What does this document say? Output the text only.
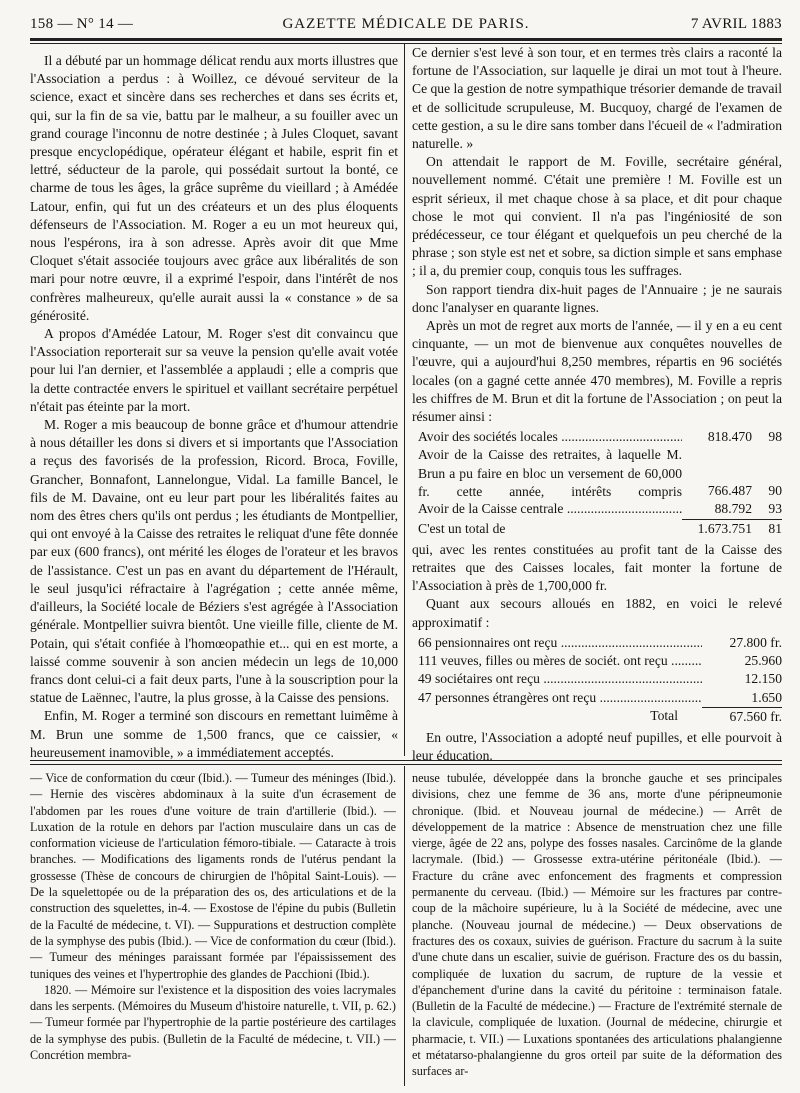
158 — N° 14 —	GAZETTE MÉDICALE DE PARIS.	7 AVRIL 1883

Il a débuté par un hommage délicat rendu aux morts illustres que l'Association a perdus : à Woillez, ce dévoué serviteur de la science, exact et sincère dans ses recherches et dans ses écrits et, qui, sur la fin de sa vie, battu par le malheur, a su fouiller avec un grand courage l'inconnu de notre destinée ; à Jules Cloquet, savant presque encyclopédique, opérateur élégant et habile, esprit fin et lettré, séducteur de la parole, qui possédait surtout la bonté, ce charme de tous les âges, la grâce suprême du vieillard ; à Amédée Latour, enfin, qui fut un des créateurs et un des plus éloquents défenseurs de l'Association. M. Roger a eu un mot heureux qui, nous l'espérons, ira à son adresse. Après avoir dit que Mme Cloquet s'était associée toujours avec grâce aux libéralités de son mari pour notre œuvre, il a exprimé l'espoir, dans l'intérêt de nos confrères malheureux, qu'elle aurait aussi la « constance » de sa générosité.

A propos d'Amédée Latour, M. Roger s'est dit convaincu que l'Association reporterait sur sa veuve la pension qu'elle avait votée pour lui l'an dernier, et l'assemblée a applaudi ; elle a compris que la dette contractée envers le spirituel et vaillant secrétaire perpétuel n'était pas éteinte par la mort.

M. Roger a mis beaucoup de bonne grâce et d'humour attendrie à nous détailler les dons si divers et si importants que l'Association a reçus des favorisés de la profession, Ricord. Broca, Foville, Grancher, Bonnafont, Lannelongue, Vidal. La famille Bancel, le fils de M. Davaine, ont eu leur part pour les libéralités faites au nom des êtres chers qu'ils ont perdus ; les étudiants de Montpellier, qui ont envoyé à la Caisse des retraites le reliquat d'une fête donnée par eux (600 francs), ont mérité les éloges de l'orateur et les bravos de l'assistance. C'est un pas en avant du département de l'Hérault, le seul jusqu'ici réfractaire à l'agrégation ; cette année même, d'ailleurs, la Société locale de Béziers s'est agrégée à l'Association générale. Montpellier suivra bientôt. Une vieille fille, cliente de M. Potain, qui s'était confiée à l'homœopathie et... qui en est morte, a laissé comme souvenir à son ancien médecin un legs de 10,000 francs dont celui-ci a fait deux parts, l'une à la souscription pour la statue de Laënnec, l'autre, la plus grosse, à la Caisse des pensions.

Enfin, M. Roger a terminé son discours en remettant luimême à M. Brun une somme de 1,500 francs, que ce caissier, « heureusement inamovible, » a immédiatement acceptés.

Ce dernier s'est levé à son tour, et en termes très clairs a raconté la fortune de l'Association, sur laquelle je dirai un mot tout à l'heure. Ce que la gestion de notre sympathique trésorier demande de travail et de sollicitude scrupuleuse, M. Bucquoy, chargé de l'examen de cette gestion, a su le dire sans tomber dans l'écueil de « l'admiration naturelle. »

On attendait le rapport de M. Foville, secrétaire général, nouvellement nommé. C'était une première ! M. Foville est un esprit sérieux, il met chaque chose à sa place, et dit pour chaque chose le mot qui convient. Il n'a pas l'ingéniosité de son prédécesseur, ce tour élégant et quelquefois un peu cherché de la phrase ; son style est net et sobre, sa diction simple et sans emphase ; il a, du premier coup, conquis tous les suffrages.

Son rapport tiendra dix-huit pages de l'Annuaire ; je ne saurais donc l'analyser en quarante lignes.

Après un mot de regret aux morts de l'année, — il y en a eu cent cinquante, — un mot de bienvenue aux conquêtes nouvelles de l'œuvre, qui a aujourd'hui 8,250 membres, répartis en 96 sociétés locales (on a gagné cette année 470 membres), M. Foville a repris les chiffres de M. Brun et dit la fortune de l'Association ; on peut la résumer ainsi :

Avoir des sociétés locales .....	818.470	98
Avoir de la Caisse des retraites, à laquelle M. Brun a pu faire en bloc un versement de 60,000 fr. cette année, intérêts compris .....	766.487	90
Avoir de la Caisse centrale .....	88.792	93
C'est un total de	1.673.751	81

qui, avec les rentes constituées au profit tant de la Caisse des retraites que des Caisses locales, fait monter la fortune de l'Association à près de 1,700,000 fr.

Quant aux secours alloués en 1882, en voici le relevé approximatif :

66 pensionnaires ont reçu .....	27.800 fr.
111 veuves, filles ou mères de sociét. ont reçu .....	25.960
49 sociétaires ont reçu .....	12.150
47 personnes étrangères ont reçu .....	1.650
Total	67.560 fr.

En outre, l'Association a adopté neuf pupilles, et elle pourvoit à leur éducation.

— Vice de conformation du cœur (Ibid.). — Tumeur des méninges (Ibid.). — Hernie des viscères abdominaux à la suite d'un écrasement de l'abdomen par les roues d'une voiture de train d'artillerie (Ibid.). — Luxation de la rotule en dehors par l'action musculaire dans un cas de conformation vicieuse de l'articulation fémoro-tibiale. — Cataracte à trois branches. — Modifications des ligaments ronds de l'utérus pendant la grossesse (Thèse de concours de chirurgien de l'hôpital Saint-Louis). — De la squelettopée ou de la préparation des os, des articulations et de la construction des squelettes, in-4. — Exostose de l'épine du pubis (Bulletin de la Faculté de médecine, t. VI). — Suppurations et destruction complète de la symphyse des pubis (Ibid.). — Vice de conformation du cœur (Ibid.). — Tumeur des méninges paraissant formée par l'épaississement des tuniques des veines et l'hypertrophie des glandes de Pacchioni (Ibid.).

1820. — Mémoire sur l'existence et la disposition des voies lacrymales dans les serpents. (Mémoires du Museum d'histoire naturelle, t. VII, p. 62.) — Tumeur formée par l'hypertrophie de la partie postérieure des cartilages de la symphyse des pubis. (Bulletin de la Faculté de médecine, t. VII.) — Concrétion membra-

neuse tubulée, développée dans la bronche gauche et ses principales divisions, chez une femme de 36 ans, morte d'une péripneumonie chronique. (Ibid. et Nouveau journal de médecine.) — Arrêt de développement de la matrice : Absence de menstruation chez une fille vierge, âgée de 22 ans, polype des fosses nasales. Carcinôme de la glande lacrymale. (Ibid.) — Grossesse extra-utérine péritonéale (Ibid.). — Fracture du crâne avec enfoncement des fragments et compression permanente du cerveau. (Ibid.) — Mémoire sur les fractures par contre-coup de la mâchoire supérieure, lu à la Société de médecine, avec une planche. (Nouveau journal de médecine.) — Deux observations de fractures des os coxaux, suivies de guérison. Fracture du sacrum à la suite d'une chute dans un escalier, suivie de guérison. Fracture des os du bassin, compliquée de luxation du sacrum, de rupture de la vessie et d'épanchement d'urine dans la cavité du péritoine : terminaison fatale. (Bulletin de la Faculté de médecine.) — Fracture de l'extrémité sternale de la clavicule, compliquée de luxation. (Journal de médecine, chirurgie et pharmacie, t. VII.) — Luxations spontanées des articulations phalangienne et métatarso-phalangienne du gros orteil par suite de la déformation des surfaces ar-
